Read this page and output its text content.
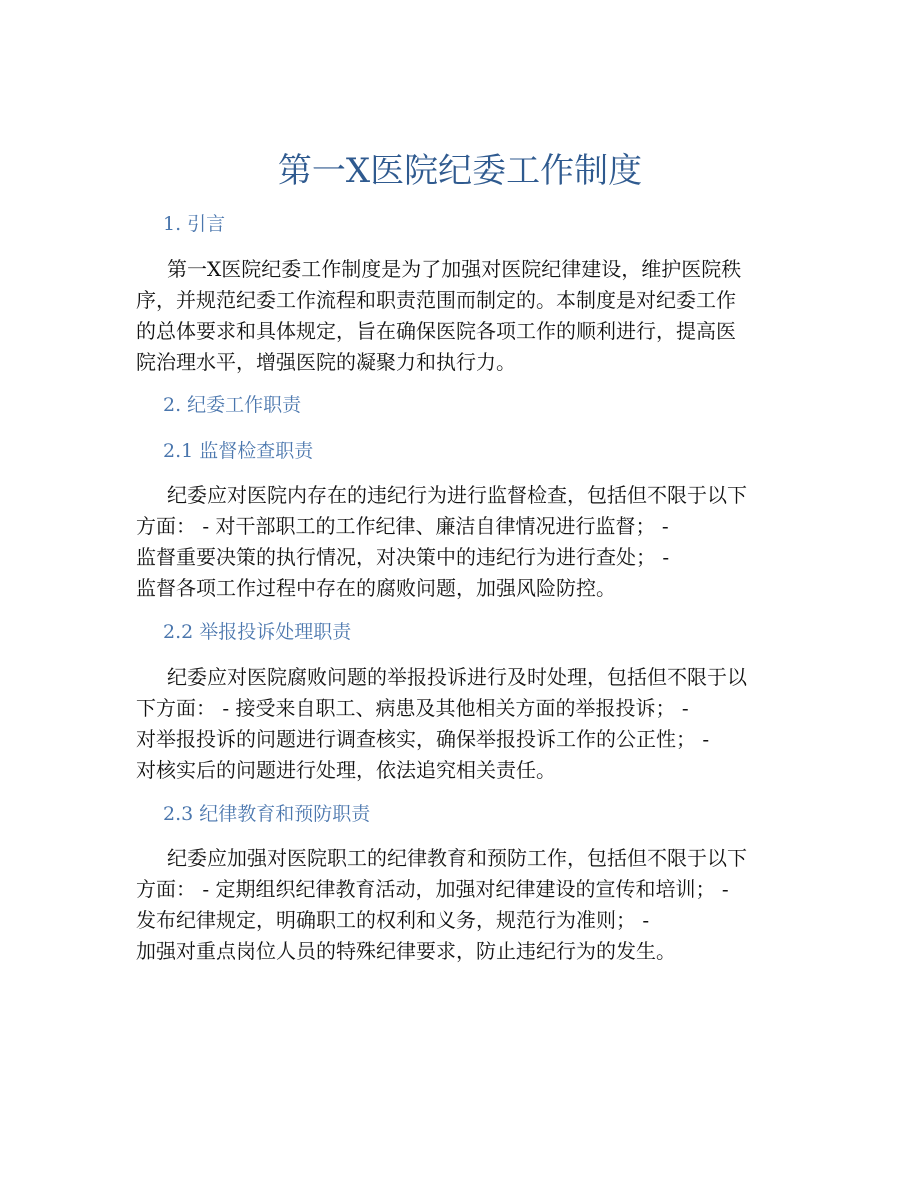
第一X医院纪委工作制度
1. 引言
第一X医院纪委工作制度是为了加强对医院纪律建设，维护医院秩
序，并规范纪委工作流程和职责范围而制定的。本制度是对纪委工作
的总体要求和具体规定，旨在确保医院各项工作的顺利进行，提高医
院治理水平，增强医院的凝聚力和执行力。
2. 纪委工作职责
2.1 监督检查职责
纪委应对医院内存在的违纪行为进行监督检查，包括但不限于以下
方面： - 对干部职工的工作纪律、廉洁自律情况进行监督； -
监督重要决策的执行情况，对决策中的违纪行为进行查处； -
监督各项工作过程中存在的腐败问题，加强风险防控。
2.2 举报投诉处理职责
纪委应对医院腐败问题的举报投诉进行及时处理，包括但不限于以
下方面： - 接受来自职工、病患及其他相关方面的举报投诉； -
对举报投诉的问题进行调查核实，确保举报投诉工作的公正性； -
对核实后的问题进行处理，依法追究相关责任。
2.3 纪律教育和预防职责
纪委应加强对医院职工的纪律教育和预防工作，包括但不限于以下
方面： - 定期组织纪律教育活动，加强对纪律建设的宣传和培训； -
发布纪律规定，明确职工的权利和义务，规范行为准则； -
加强对重点岗位人员的特殊纪律要求，防止违纪行为的发生。
